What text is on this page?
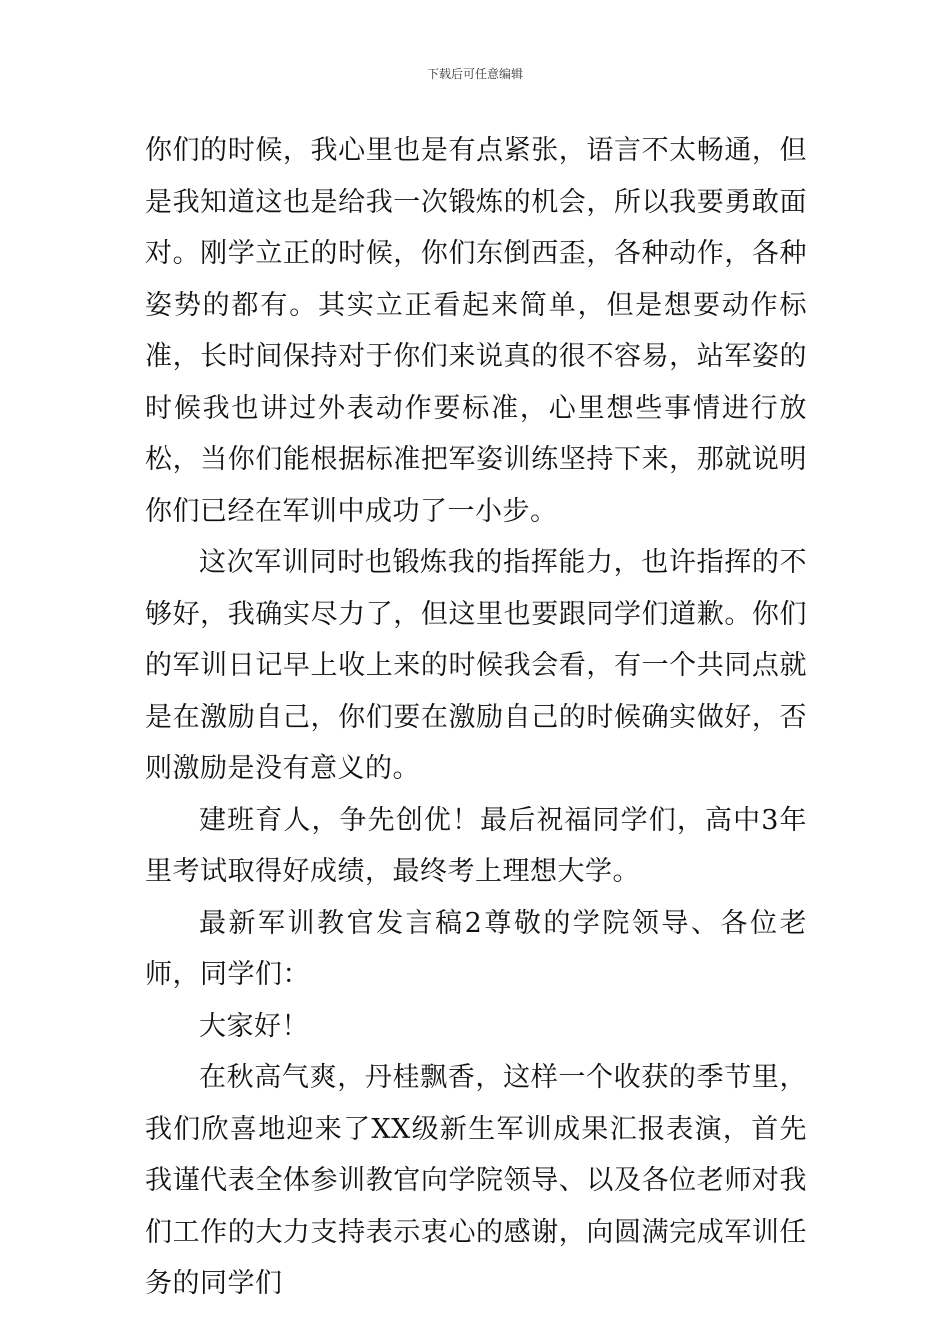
下载后可任意编辑

你们的时候，我心里也是有点紧张，语言不太畅通，但是我知道这也是给我一次锻炼的机会，所以我要勇敢面对。刚学立正的时候，你们东倒西歪，各种动作，各种姿势的都有。其实立正看起来简单，但是想要动作标准，长时间保持对于你们来说真的很不容易，站军姿的时候我也讲过外表动作要标准，心里想些事情进行放松，当你们能根据标准把军姿训练坚持下来，那就说明你们已经在军训中成功了一小步。

这次军训同时也锻炼我的指挥能力，也许指挥的不够好，我确实尽力了，但这里也要跟同学们道歉。你们的军训日记早上收上来的时候我会看，有一个共同点就是在激励自己，你们要在激励自己的时候确实做好，否则激励是没有意义的。

建班育人，争先创优！最后祝福同学们，高中3年里考试取得好成绩，最终考上理想大学。

最新军训教官发言稿2尊敬的学院领导、各位老师，同学们：

大家好！

在秋高气爽，丹桂飘香，这样一个收获的季节里，我们欣喜地迎来了XX级新生军训成果汇报表演，首先我谨代表全体参训教官向学院领导、以及各位老师对我们工作的大力支持表示衷心的感谢，向圆满完成军训任务的同学们
